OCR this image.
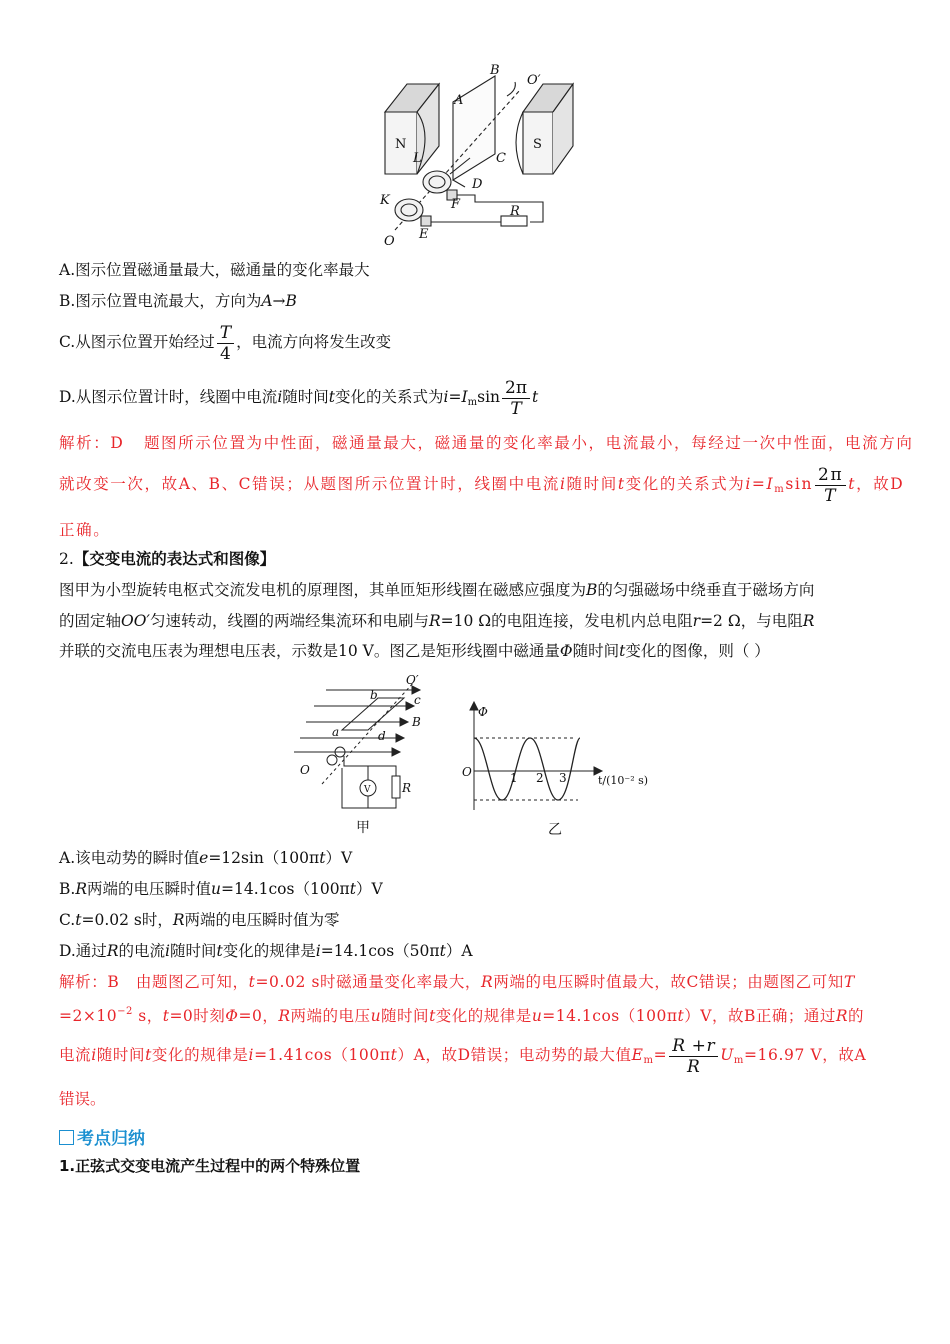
N	S
A
B
C
D
F
E
K
L
O
O′
R
A.图示位置磁通量最大，磁通量的变化率最大
B.图示位置电流最大，方向为A→B
C.从图示位置开始经过 $\frac{T}{4}$ ，电流方向将发生改变
D.从图示位置计时，线圈中电流i随时间t变化的关系式为$i=I_m\sin \frac{2\pi}{T}$ t
解析：D 题图所示位置为中性面，磁通量最大，磁通量的变化率最小，电流最小，每经过一次中性面，电流方向
就改变一次，故A、B、C错误；从题图所示位置计时，线圈中电流i随时间t变化的关系式为$i=I_m\sin \frac{2\pi}{T}$ t，故D
正确。
2.【交变电流的表达式和图像】
图甲为小型旋转电枢式交流发电机的原理图，其单匝矩形线圈在磁感应强度为B的匀强磁场中绕垂直于磁场方向
的固定轴OO′匀速转动，线圈的两端经集流环和电刷与R=10 Ω的电阻连接，发电机内总电阻r=2 Ω，与电阻R
并联的交流电压表为理想电压表，示数是10 V。图乙是矩形线圈中磁通量Φ随时间t变化的图像，则（ ）
b	c
B
a	d
O
O′
V	R
甲
Φ
O	1 2 3	t/(10⁻² s)
乙
A.该电动势的瞬时值e=12sin（100πt）V
B.R两端的电压瞬时值u=14.1cos（100πt）V
C.t=0.02 s时，R两端的电压瞬时值为零
D.通过R的电流i随时间t变化的规律是i=14.1cos（50πt）A
解析：B 由题图乙可知，t=0.02 s时磁通量变化率最大，R两端的电压瞬时值最大，故C错误；由题图乙可知T
$=2\times 10^{-2}$ s，t=0时刻Φ=0，R两端的电压u随时间t变化的规律是u=14.1cos（100πt）V，故B正确；通过R的
电流i随时间t变化的规律是i=1.41cos（100πt）A，故D错误；电动势的最大值$E_m= \frac{R +r}{R} U_m=16.97$ V，故A
错误。
考点归纳
1.正弦式交变电流产生过程中的两个特殊位置
